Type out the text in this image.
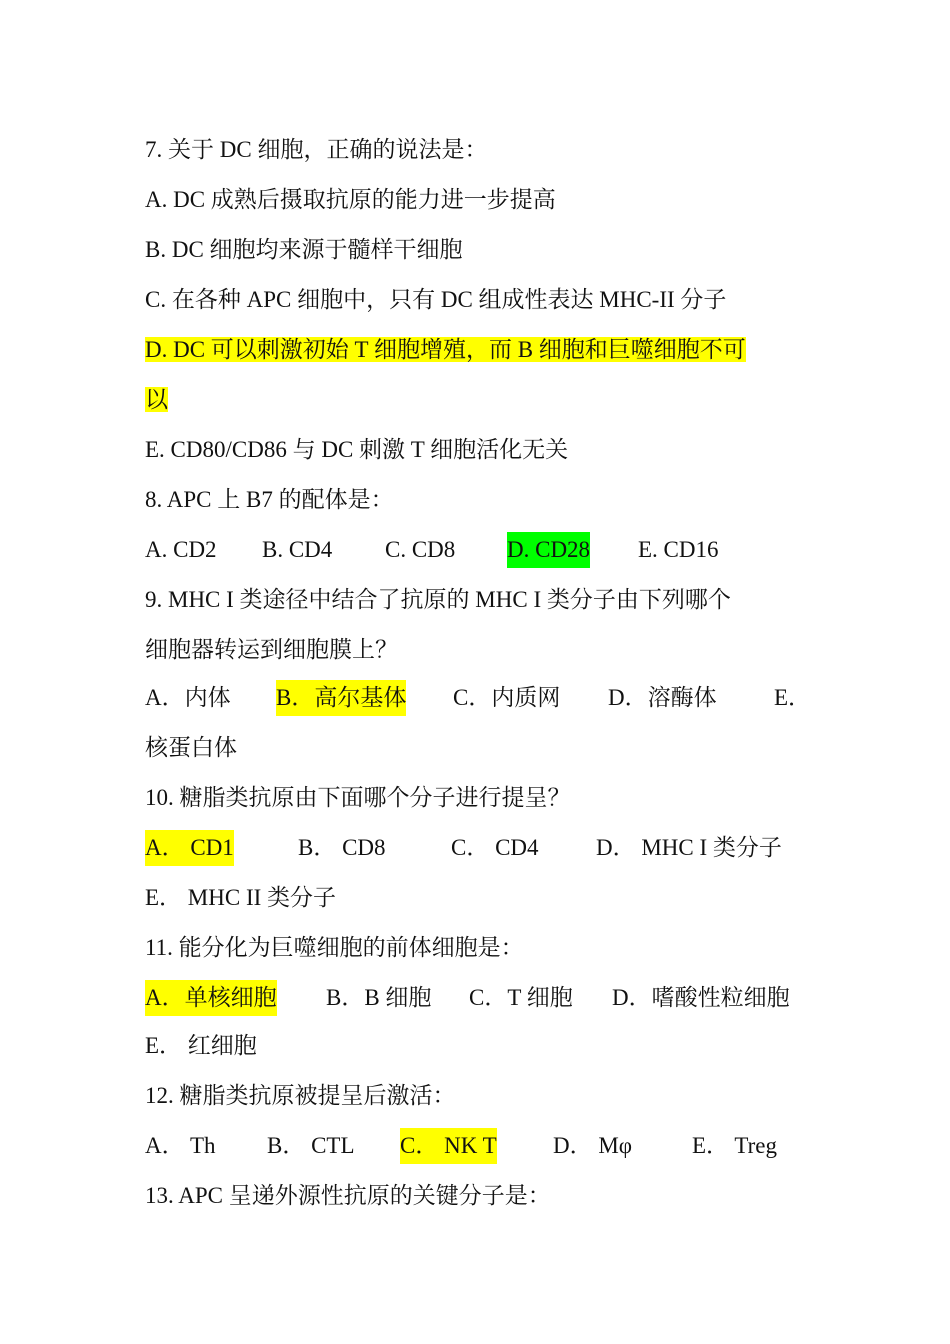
7. 关于 DC 细胞，正确的说法是：
A. DC 成熟后摄取抗原的能力进一步提高
B. DC 细胞均来源于髓样干细胞
C. 在各种 APC 细胞中，只有 DC 组成性表达 MHC-II 分子
D. DC 可以刺激初始 T 细胞增殖，而 B 细胞和巨噬细胞不可
以
E. CD80/CD86 与 DC 刺激 T 细胞活化无关
8. APC 上 B7 的配体是：
A. CD2 B. CD4 C. CD8 D. CD28 E. CD16
9. MHC I 类途径中结合了抗原的 MHC I 类分子由下列哪个
细胞器转运到细胞膜上？
A．内体 B．高尔基体 C．内质网 D．溶酶体 E．
核蛋白体
10. 糖脂类抗原由下面哪个分子进行提呈？
A． CD1	B． CD8	C． CD4 D． MHC I 类分子
E． MHC II 类分子
11. 能分化为巨噬细胞的前体细胞是：
A．单核细胞 B．B 细胞 C．T 细胞 D．嗜酸性粒细胞
E． 红细胞
12. 糖脂类抗原被提呈后激活：
A． Th B． CTL C． NK T D． Mφ	E． Treg
13. APC 呈递外源性抗原的关键分子是：
